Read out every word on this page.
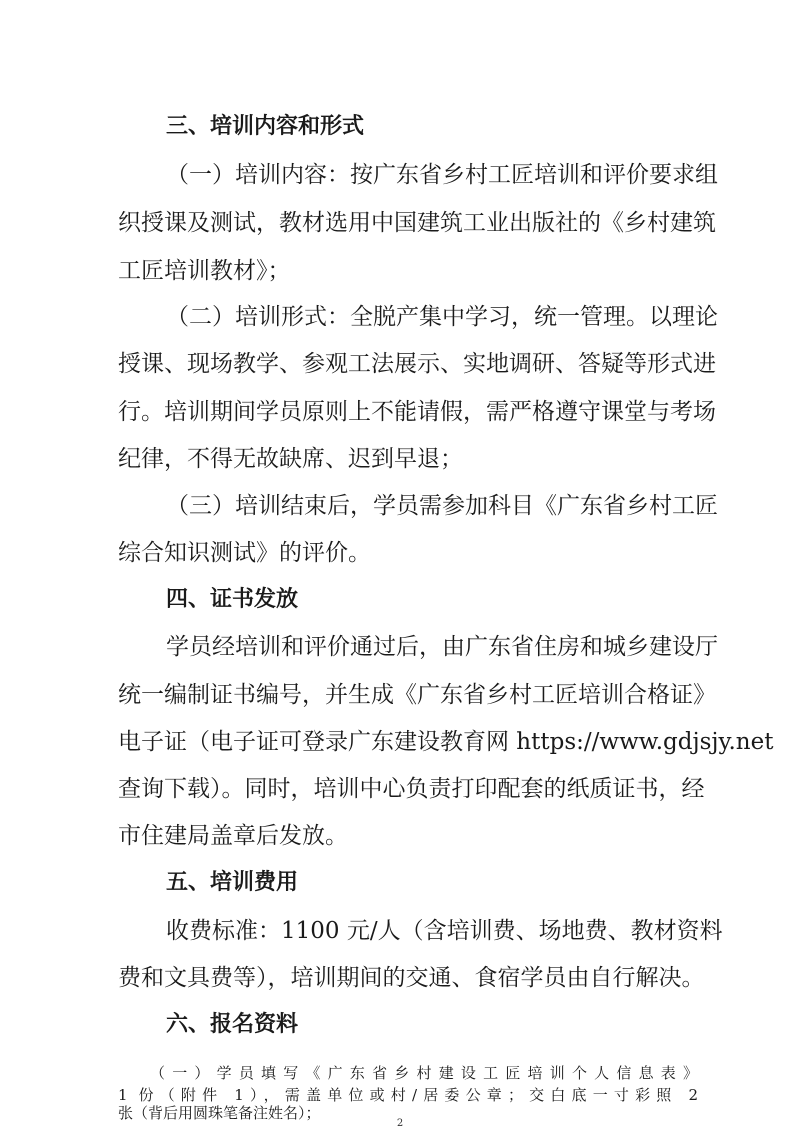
三、培训内容和形式
（一）培训内容：按广东省乡村工匠培训和评价要求组
织授课及测试，教材选用中国建筑工业出版社的《乡村建筑
工匠培训教材》；
（二）培训形式：全脱产集中学习，统一管理。以理论
授课、现场教学、参观工法展示、实地调研、答疑等形式进
行。培训期间学员原则上不能请假，需严格遵守课堂与考场
纪律，不得无故缺席、迟到早退；
（三）培训结束后，学员需参加科目《广东省乡村工匠
综合知识测试》的评价。
四、证书发放
学员经培训和评价通过后，由广东省住房和城乡建设厅
统一编制证书编号，并生成《广东省乡村工匠培训合格证》
电子证（电子证可登录广东建设教育网 https://www.gdjsjy.net
查询下载）。同时，培训中心负责打印配套的纸质证书，经
市住建局盖章后发放。
五、培训费用
收费标准：1100 元/人（含培训费、场地费、教材资料
费和文具费等），培训期间的交通、食宿学员由自行解决。
六、报名资料
（一）学员填写《广东省乡村建设工匠培训个人信息表》
2
1 份（附件 1），需盖单位或村/居委公章；交白底一寸彩照 2
张（背后用圆珠笔备注姓名）；
